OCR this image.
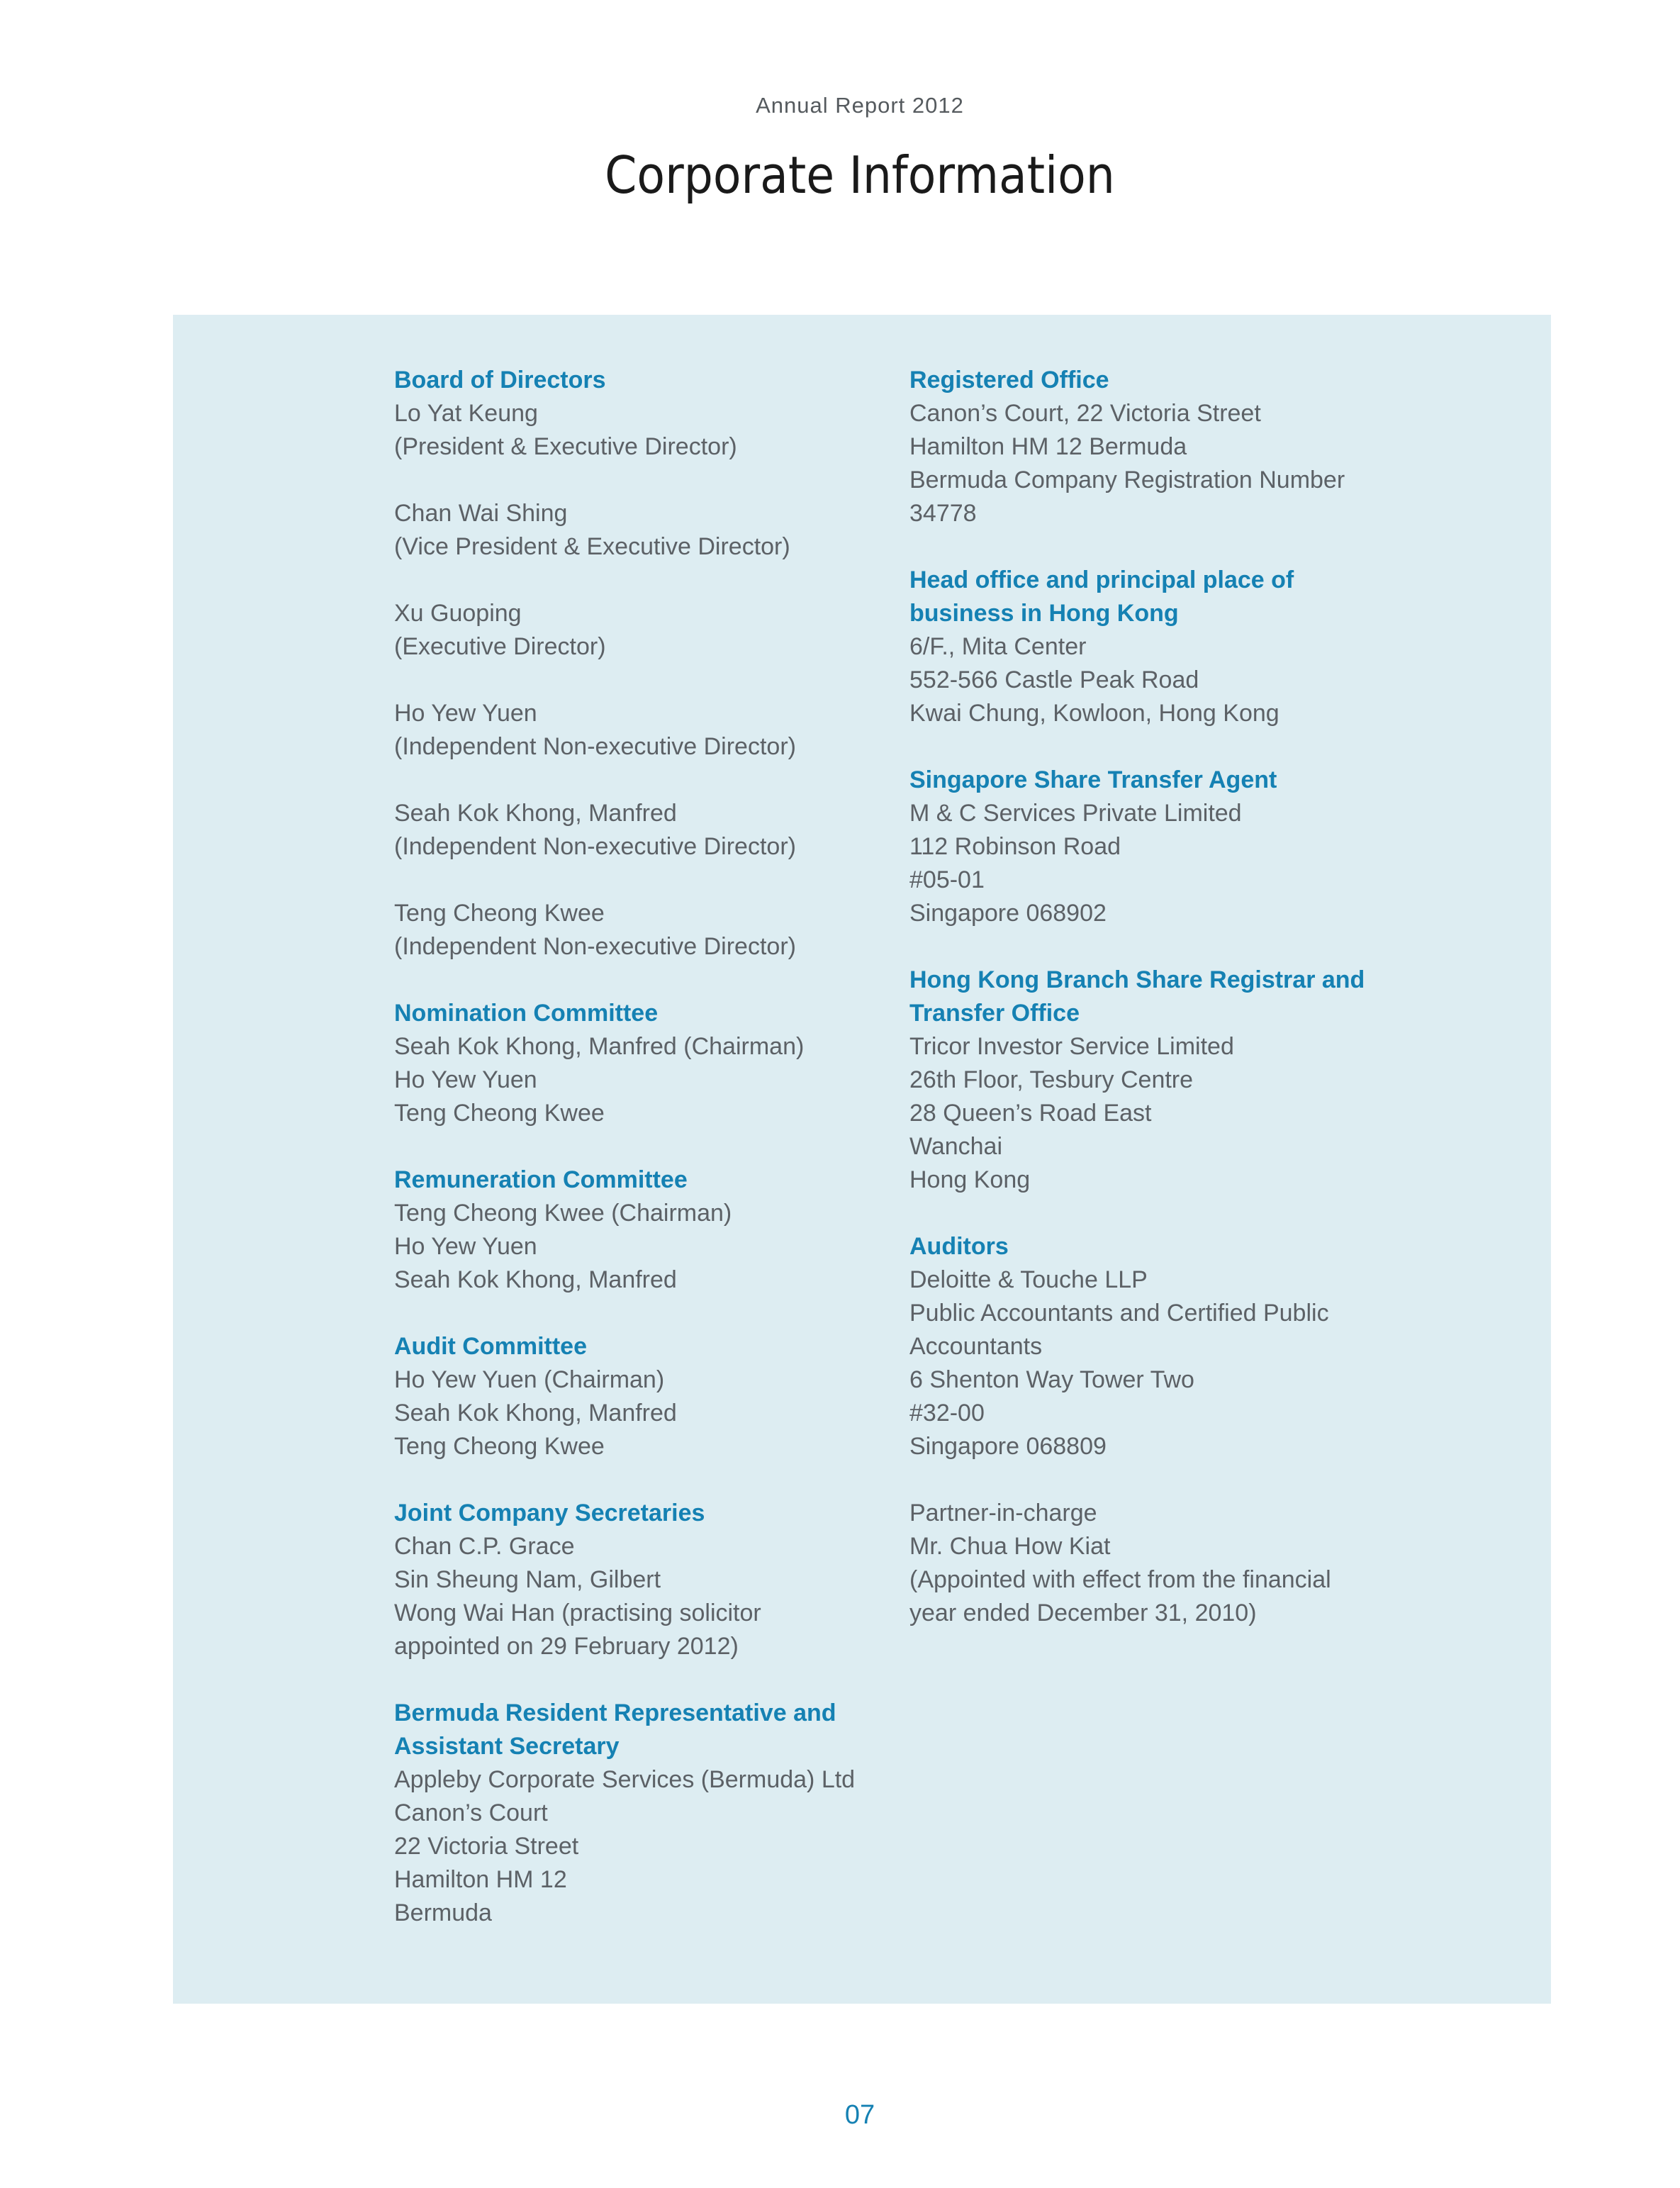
Annual Report 2012
Corporate Information
Board of Directors
Lo Yat Keung
(President & Executive Director)
Chan Wai Shing
(Vice President & Executive Director)
Xu Guoping
(Executive Director)
Ho Yew Yuen
(Independent Non-executive Director)
Seah Kok Khong, Manfred
(Independent Non-executive Director)
Teng Cheong Kwee
(Independent Non-executive Director)
Nomination Committee
Seah Kok Khong, Manfred (Chairman)
Ho Yew Yuen
Teng Cheong Kwee
Remuneration Committee
Teng Cheong Kwee (Chairman)
Ho Yew Yuen
Seah Kok Khong, Manfred
Audit Committee
Ho Yew Yuen (Chairman)
Seah Kok Khong, Manfred
Teng Cheong Kwee
Joint Company Secretaries
Chan C.P. Grace
Sin Sheung Nam, Gilbert
Wong Wai Han (practising solicitor
appointed on 29 February 2012)
Bermuda Resident Representative and
Assistant Secretary
Appleby Corporate Services (Bermuda) Ltd
Canon’s Court
22 Victoria Street
Hamilton HM 12
Bermuda
Registered Office
Canon’s Court, 22 Victoria Street
Hamilton HM 12 Bermuda
Bermuda Company Registration Number
34778
Head office and principal place of
business in Hong Kong
6/F., Mita Center
552-566 Castle Peak Road
Kwai Chung, Kowloon, Hong Kong
Singapore Share Transfer Agent
M & C Services Private Limited
112 Robinson Road
#05-01
Singapore 068902
Hong Kong Branch Share Registrar and
Transfer Office
Tricor Investor Service Limited
26th Floor, Tesbury Centre
28 Queen’s Road East
Wanchai
Hong Kong
Auditors
Deloitte & Touche LLP
Public Accountants and Certified Public
Accountants
6 Shenton Way Tower Two
#32-00
Singapore 068809
Partner-in-charge
Mr. Chua How Kiat
(Appointed with effect from the financial
year ended December 31, 2010)
07
